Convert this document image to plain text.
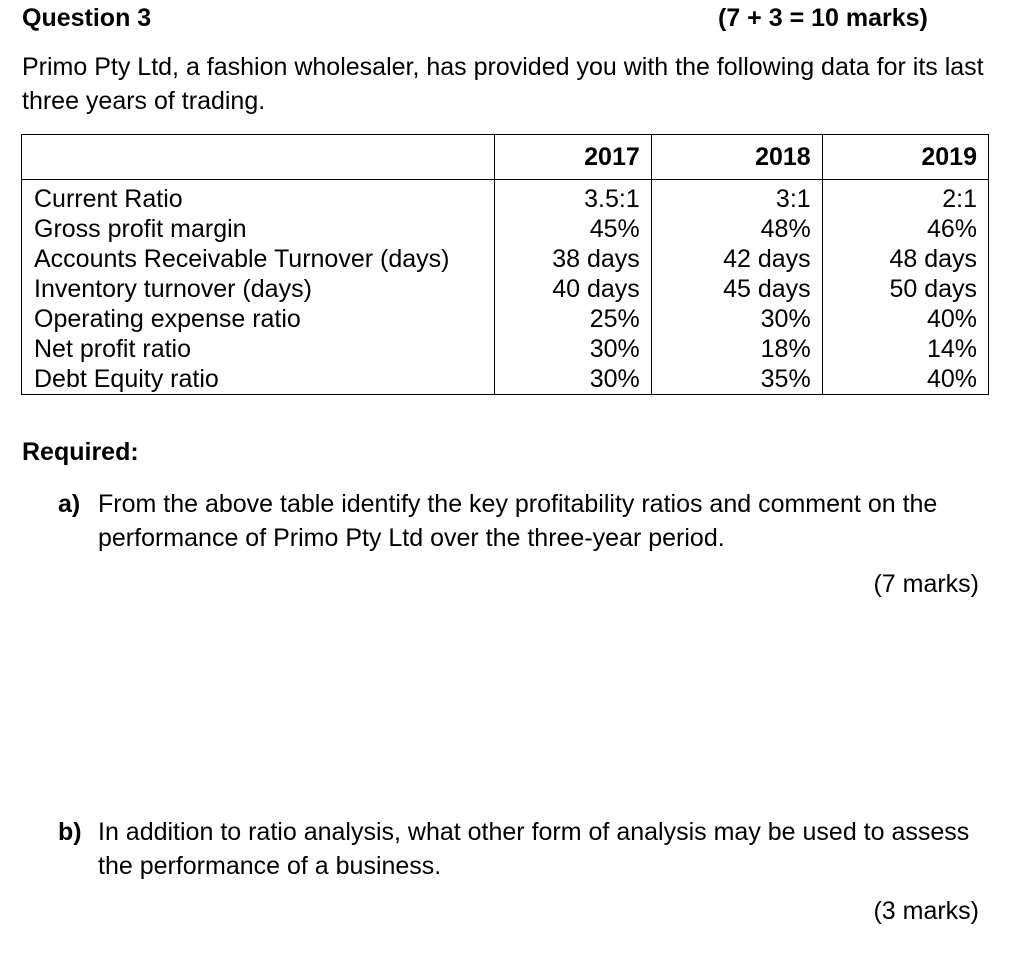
Question 3	(7 + 3 = 10 marks)
Primo Pty Ltd, a fashion wholesaler, has provided you with the following data for its last three years of trading.
	2017	2018	2019
Current Ratio	3.5:1	3:1	2:1
Gross profit margin	45%	48%	46%
Accounts Receivable Turnover (days)	38 days	42 days	48 days
Inventory turnover (days)	40 days	45 days	50 days
Operating expense ratio	25%	30%	40%
Net profit ratio	30%	18%	14%
Debt Equity ratio	30%	35%	40%
Required:
a) From the above table identify the key profitability ratios and comment on the performance of Primo Pty Ltd over the three-year period.
(7 marks)
b) In addition to ratio analysis, what other form of analysis may be used to assess the performance of a business.
(3 marks)
